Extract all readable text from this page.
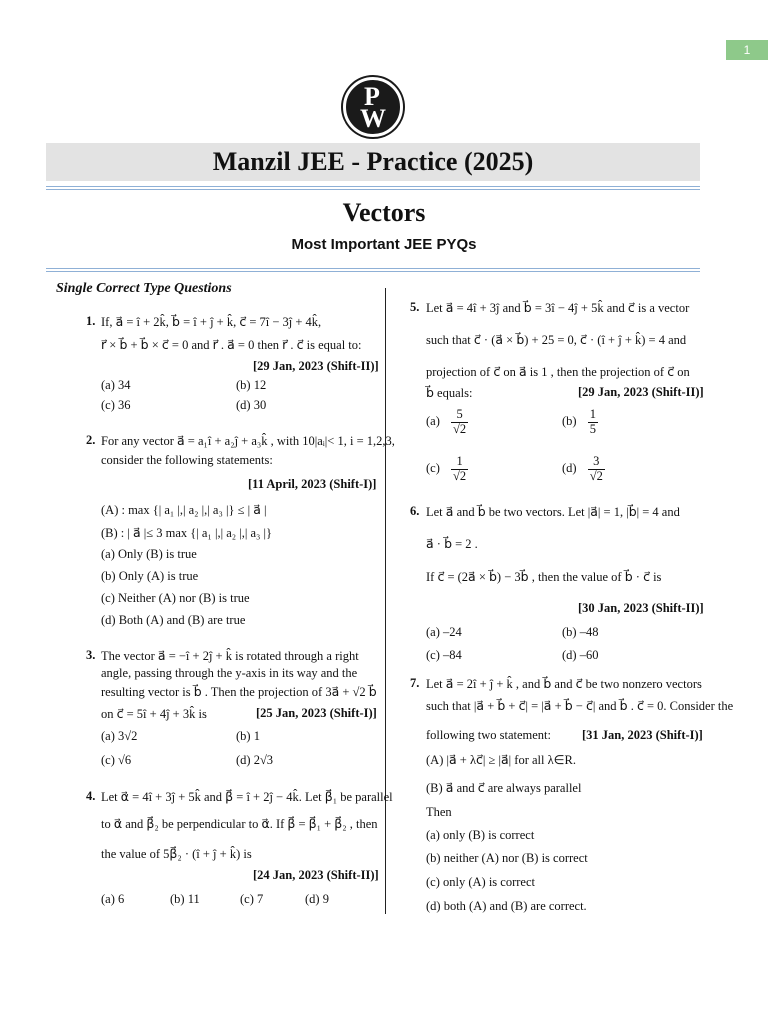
1
P
W
Manzil JEE - Practice (2025)
Vectors
Most Important JEE PYQs
Single Correct Type Questions
1. If, a⃗ = î + 2k̂, b⃗ = î + ĵ + k̂, c⃗ = 7î − 3ĵ + 4k̂,
r⃗ × b⃗ + b⃗ × c⃗ = 0 and r⃗ . a⃗ = 0 then r⃗ . c⃗ is equal to:
[29 Jan, 2023 (Shift-II)]
(a) 34	(b) 12
(c) 36	(d) 30
2. For any vector a⃗ = a₁î + a₂ĵ + a₃k̂ , with 10|aᵢ|< 1, i = 1,2,3,
consider the following statements:
[11 April, 2023 (Shift-I)]
(A) : max {| a₁ |,| a₂ |,| a₃ |} ≤ | a⃗ |
(B) : | a⃗ |≤ 3 max {| a₁ |,| a₂ |,| a₃ |}
(a) Only (B) is true
(b) Only (A) is true
(c) Neither (A) nor (B) is true
(d) Both (A) and (B) are true
3. The vector a⃗ = −î + 2ĵ + k̂ is rotated through a right
angle, passing through the y-axis in its way and the
resulting vector is b⃗ . Then the projection of 3a⃗ + √2 b⃗
on c⃗ = 5î + 4ĵ + 3k̂ is	[25 Jan, 2023 (Shift-I)]
(a) 3√2	(b) 1
(c) √6	(d) 2√3
4. Let α⃗ = 4î + 3ĵ + 5k̂ and β⃗ = î + 2ĵ − 4k̂. Let β⃗₁ be parallel
to α⃗ and β⃗₂ be perpendicular to α⃗. If β⃗ = β⃗₁ + β⃗₂ , then
the value of 5β⃗₂ · (î + ĵ + k̂) is
[24 Jan, 2023 (Shift-II)]
(a) 6	(b) 11	(c) 7	(d) 9
5. Let a⃗ = 4î + 3ĵ and b⃗ = 3î − 4ĵ + 5k̂ and c⃗ is a vector
such that c⃗ · (a⃗ × b⃗) + 25 = 0, c⃗ · (î + ĵ + k̂) = 4 and
projection of c⃗ on a⃗ is 1 , then the projection of c⃗ on
b⃗ equals:	[29 Jan, 2023 (Shift-II)]
$(a) \frac{5}{√2}$	$(b) \frac{1}{5}$
$(c) \frac{1}{√2}$	$(d) \frac{3}{√2}$
6. Let a⃗ and b⃗ be two vectors. Let |a⃗| = 1, |b⃗| = 4 and
a⃗ · b⃗ = 2 .
If c⃗ = (2a⃗ × b⃗) − 3b⃗ , then the value of b⃗ · c⃗ is
[30 Jan, 2023 (Shift-II)]
(a) –24	(b) –48
(c) –84	(d) –60
7. Let a⃗ = 2î + ĵ + k̂ , and b⃗ and c⃗ be two nonzero vectors
such that |a⃗ + b⃗ + c⃗| = |a⃗ + b⃗ − c⃗| and b⃗ . c⃗ = 0. Consider the
following two statement: [31 Jan, 2023 (Shift-I)]
(A) |a⃗ + λc⃗| ≥ |a⃗| for all λ∈R.
(B) a⃗ and c⃗ are always parallel
Then
(a) only (B) is correct
(b) neither (A) nor (B) is correct
(c) only (A) is correct
(d) both (A) and (B) are correct.
